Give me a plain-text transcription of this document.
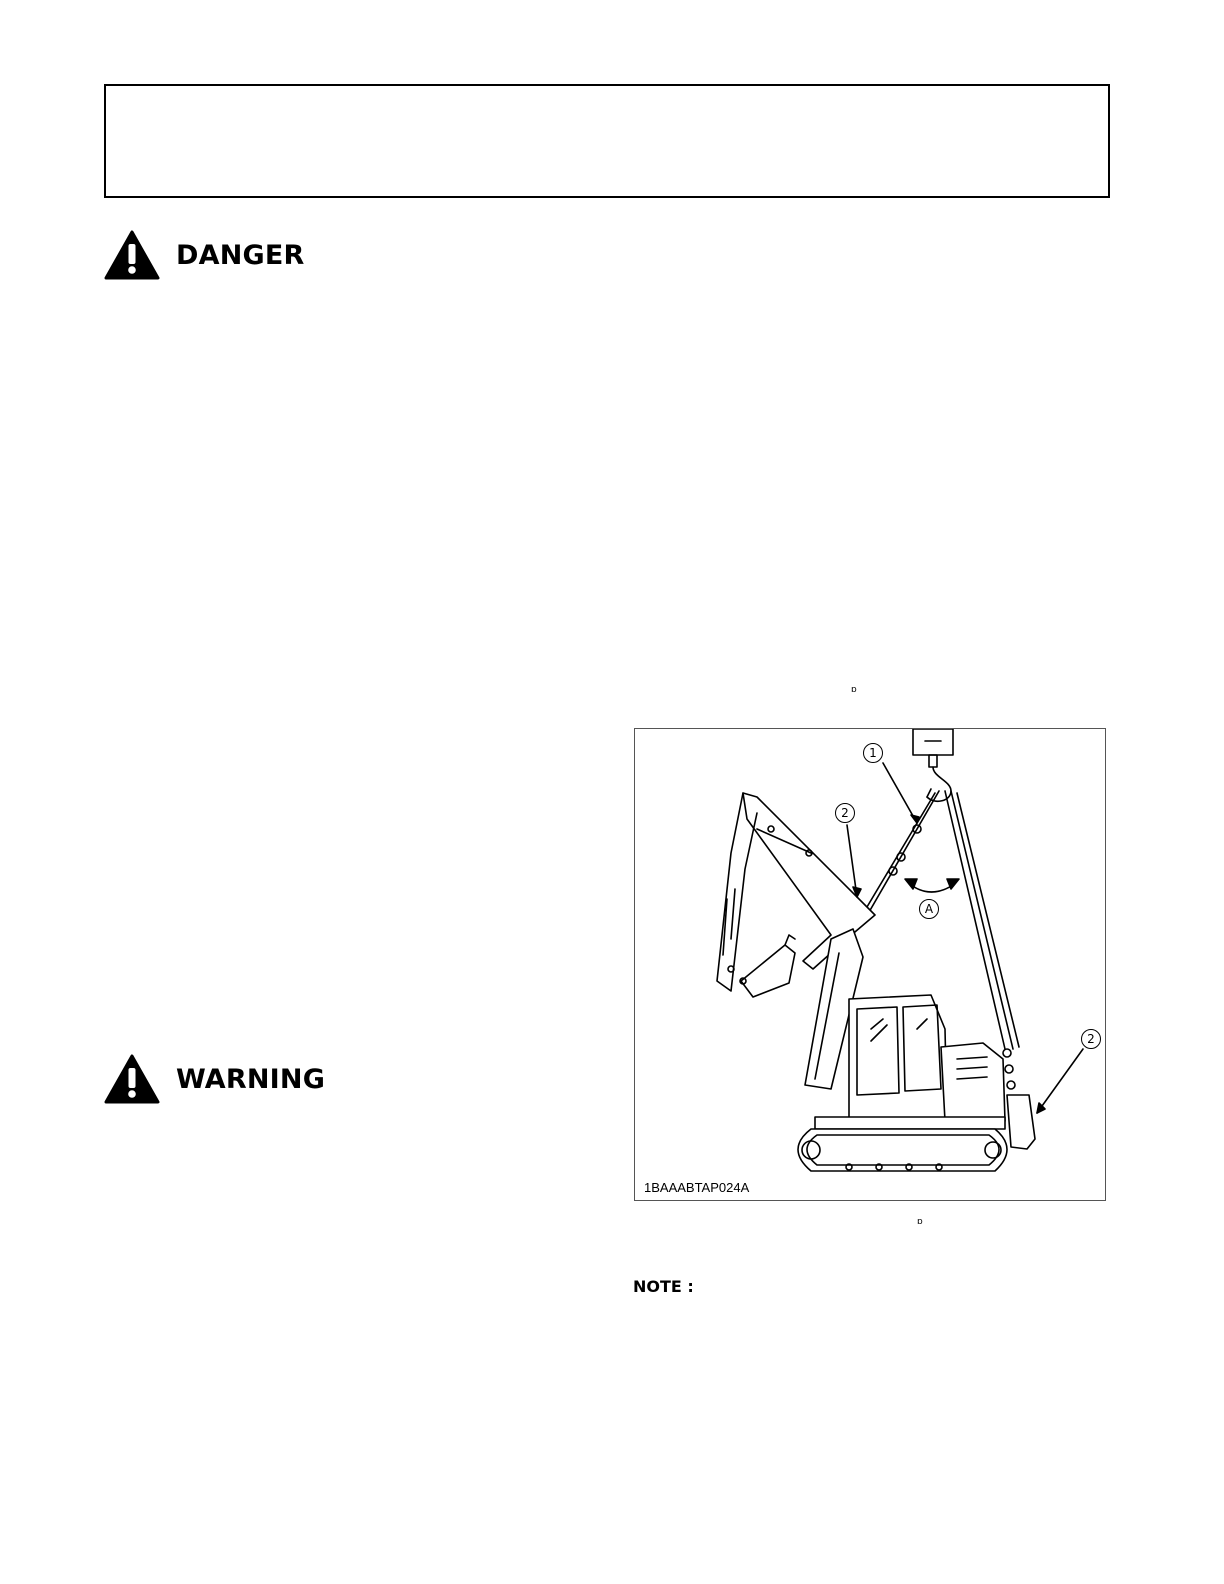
DANGER
WARNING
ɒ
ɒ
1
2
2
A
1BAAABTAP024A
NOTE :
